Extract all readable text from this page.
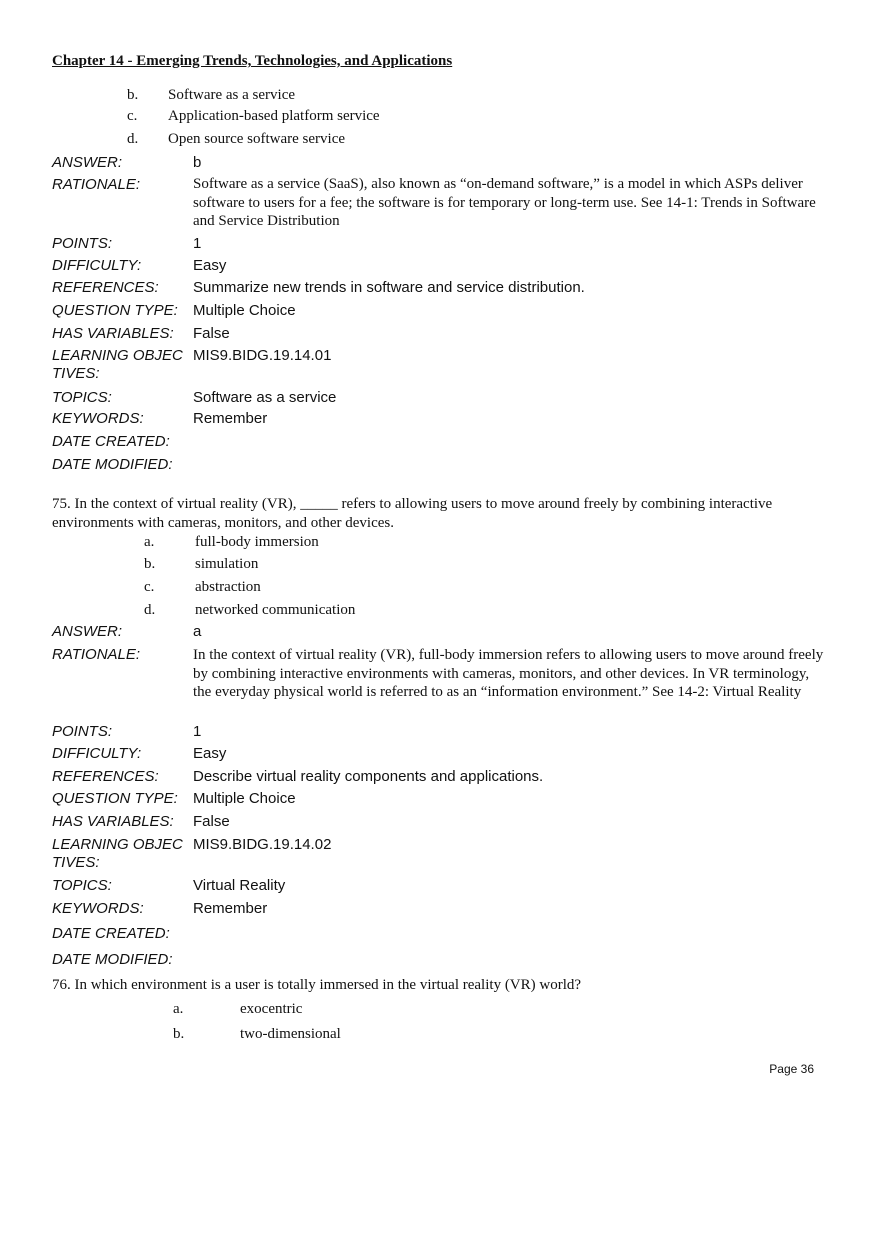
Chapter 14 - Emerging Trends, Technologies, and Applications
b. Software as a service
c. Application-based platform service
d. Open source software service
ANSWER:	b
RATIONALE:	Software as a service (SaaS), also known as “on-demand software,” is a model in which ASPs deliver software to users for a fee; the software is for temporary or long-term use. See 14-1: Trends in Software and Service Distribution
POINTS:	1
DIFFICULTY:	Easy
REFERENCES: Summarize new trends in software and service distribution.
QUESTION TYPE: Multiple Choice
HAS VARIABLES: False
LEARNING OBJEC TIVES:
MIS9.BIDG.19.14.01
TOPICS:	Software as a service
KEYWORDS:	Remember
DATE CREATED:
DATE MODIFIED:
75. In the context of virtual reality (VR), _____ refers to allowing users to move around freely by combining interactive environments with cameras, monitors, and other devices.
a.	full-body immersion
b.	simulation
c.	abstraction
d.	networked communication
ANSWER:	a
RATIONALE:	In the context of virtual reality (VR), full-body immersion refers to allowing users to move around freely by combining interactive environments with cameras, monitors, and other devices. In VR terminology, the everyday physical world is referred to as an “information environment.” See 14-2: Virtual Reality
POINTS:	1
DIFFICULTY:	Easy
REFERENCES: Describe virtual reality components and applications.
QUESTION TYPE: Multiple Choice
HAS VARIABLES: False
LEARNING OBJEC TIVES:
MIS9.BIDG.19.14.02
TOPICS:	Virtual Reality
KEYWORDS:	Remember
DATE CREATED:
DATE MODIFIED:
76. In which environment is a user is totally immersed in the virtual reality (VR) world?
a.	exocentric
b.	two-dimensional
Page 36
